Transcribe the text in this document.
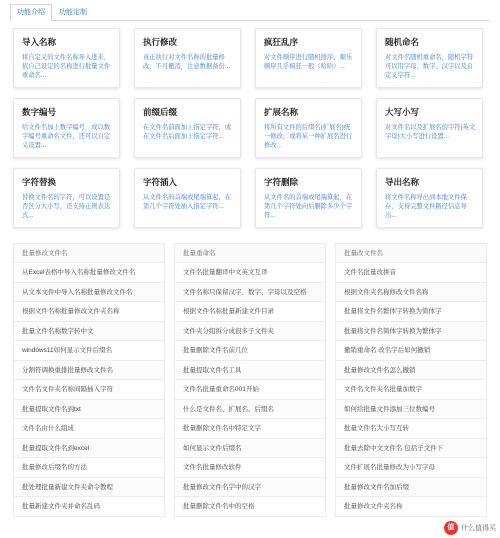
功能介绍	功能定制
导入名称
将自定义的文件名称导入进来，依自己设定的名称进行批量文件重命名...
执行修改
真正执行对文件名称的批量修改，不可撤消，注意数据备份...
疯狂乱序
对文件顺序进行随机排序，顺乐顺序几乎疯狂一般（哈哈）...
随机命名
对文件名随机重命名，随机字符可以用字母、数字、汉字以及自定义字符...
数字编号
给文件名加上数字编号，或以数字编号重命名文件，还可以自定义设置...
前缀后缀
在文件名前面加上指定字符，或在文件名后面加上指定字符...
扩展名称
将所有文件的后缀名(扩展名)统一修改，或将某一种扩展名进行修改...
大写小写
对文件名以及扩展名的字符(英文字母)大小写进行设置...
字符替换
替换文件名的字符，可以设置是否区分大小写，还支持正则表达式...
字符插入
从文件名的首端或尾端算起，在第几个字符处插入指定字符...
字符删除
从文件名的首端或尾端算起，在第几个字符处向后删除多少个字符...
导出名称
将文件名称导出到本地文件保存，支持完整文件路径信息导出...
批量修改文件名
从Excel表格中导入名称批量修改文件名
从文本文件中导入名称批量修改文件名
根据文件名称批量修改文件夹名称
批量文件名称数字转中文
windows11如何显示文件后缀名
分割符调换重排批量修改文件名
文件名文件夹名称间隔插入字符
批量提取文件名到txt
文件名由什么组成
批量提取文件名到excel
批量修改后缀名的方法
批处理批量新建文件夹命令教程
批量新建文件夹并命名乱码
批量重命名
文件名批量翻译中文英文互译
文件名称只保留汉字、数字、字母以及空格
根据文件名称批量新建文件目录
文件夹分组拆分成很多子文件夹
批量删除文件名前几位
批量提取文件名工具
文件名批量重命名001开始
什么是文件名、扩展名、后缀名
批量删除文件名中特定文字
如何显示文件后缀名
文件名批量修改软件
批量修改文件名字中的汉字
批量删除文件名中的空格
批量改文件名
文件名批量改拼音
根据文件夹名称修改文件名称
批量将文件名繁体字转换为简体字
批量将文件名简体字转换为繁体字
撤销重命名 改名字后如何撤销
批量修改文件名怎么撤销
文件名文件夹名批量加数字
如何给批量文件添加三位数编号
批量文件名大小写互转
批量去除中文文件名 包括子文件下
文件扩展名批量修改为小写字母
批量修改文件名加后缀
批量修改文件夹名称
值 什么值得买
